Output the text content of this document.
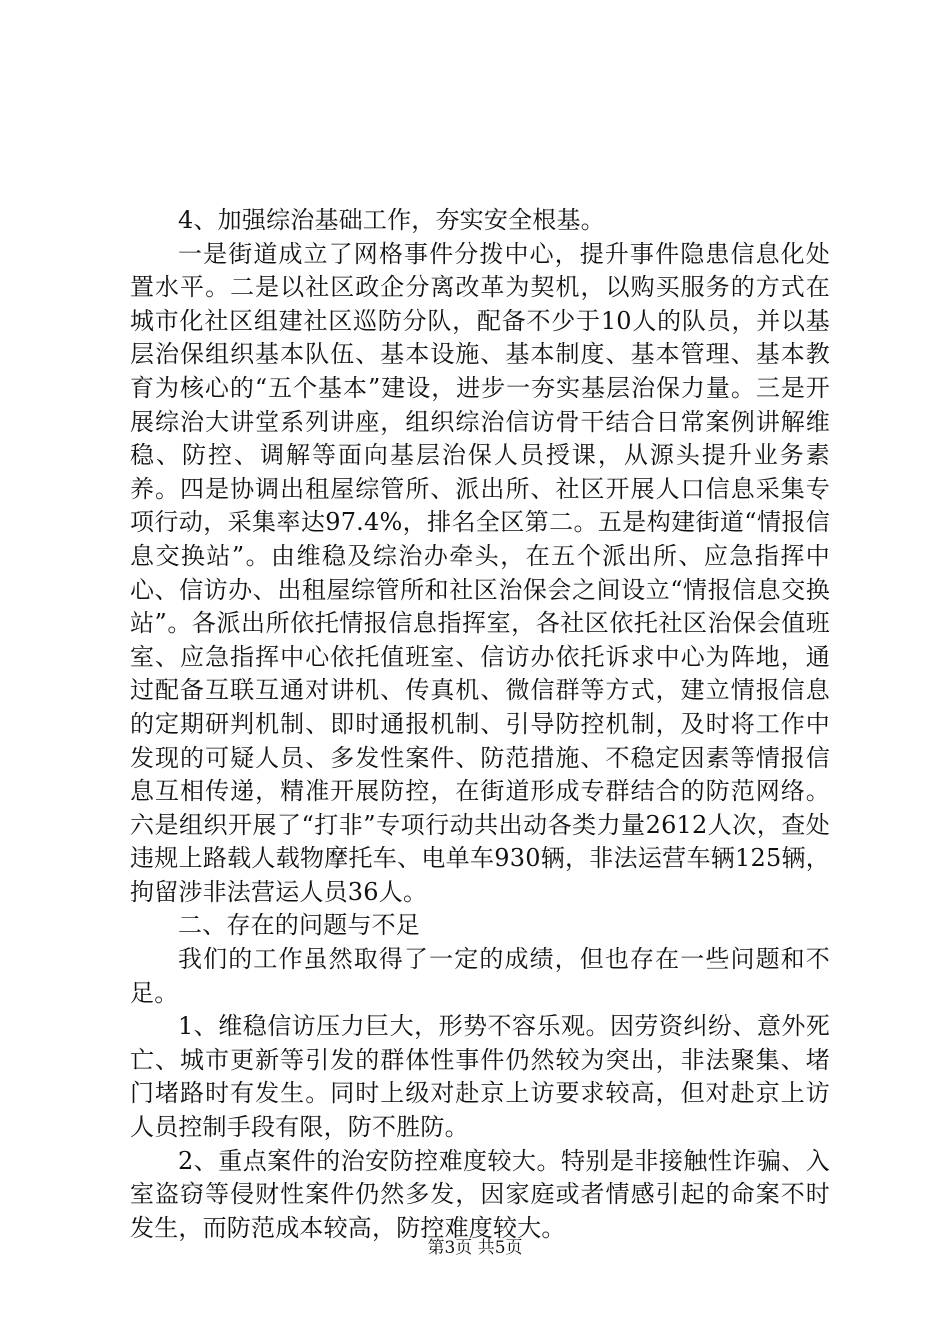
4、加强综治基础工作，夯实安全根基。

一是街道成立了网格事件分拨中心，提升事件隐患信息化处置水平。二是以社区政企分离改革为契机，以购买服务的方式在城市化社区组建社区巡防分队，配备不少于10人的队员，并以基层治保组织基本队伍、基本设施、基本制度、基本管理、基本教育为核心的“五个基本”建设，进步一夯实基层治保力量。三是开展综治大讲堂系列讲座，组织综治信访骨干结合日常案例讲解维稳、防控、调解等面向基层治保人员授课，从源头提升业务素养。四是协调出租屋综管所、派出所、社区开展人口信息采集专项行动，采集率达97.4%，排名全区第二。五是构建街道“情报信息交换站”。由维稳及综治办牵头，在五个派出所、应急指挥中心、信访办、出租屋综管所和社区治保会之间设立“情报信息交换站”。各派出所依托情报信息指挥室，各社区依托社区治保会值班室、应急指挥中心依托值班室、信访办依托诉求中心为阵地，通过配备互联互通对讲机、传真机、微信群等方式，建立情报信息的定期研判机制、即时通报机制、引导防控机制，及时将工作中发现的可疑人员、多发性案件、防范措施、不稳定因素等情报信息互相传递，精准开展防控，在街道形成专群结合的防范网络。六是组织开展了“打非”专项行动共出动各类力量2612人次，查处违规上路载人载物摩托车、电单车930辆，非法运营车辆125辆，拘留涉非法营运人员36人。

二、存在的问题与不足

我们的工作虽然取得了一定的成绩，但也存在一些问题和不足。

1、维稳信访压力巨大，形势不容乐观。因劳资纠纷、意外死亡、城市更新等引发的群体性事件仍然较为突出，非法聚集、堵门堵路时有发生。同时上级对赴京上访要求较高，但对赴京上访人员控制手段有限，防不胜防。

2、重点案件的治安防控难度较大。特别是非接触性诈骗、入室盗窃等侵财性案件仍然多发，因家庭或者情感引起的命案不时发生，而防范成本较高，防控难度较大。

第3页 共5页
